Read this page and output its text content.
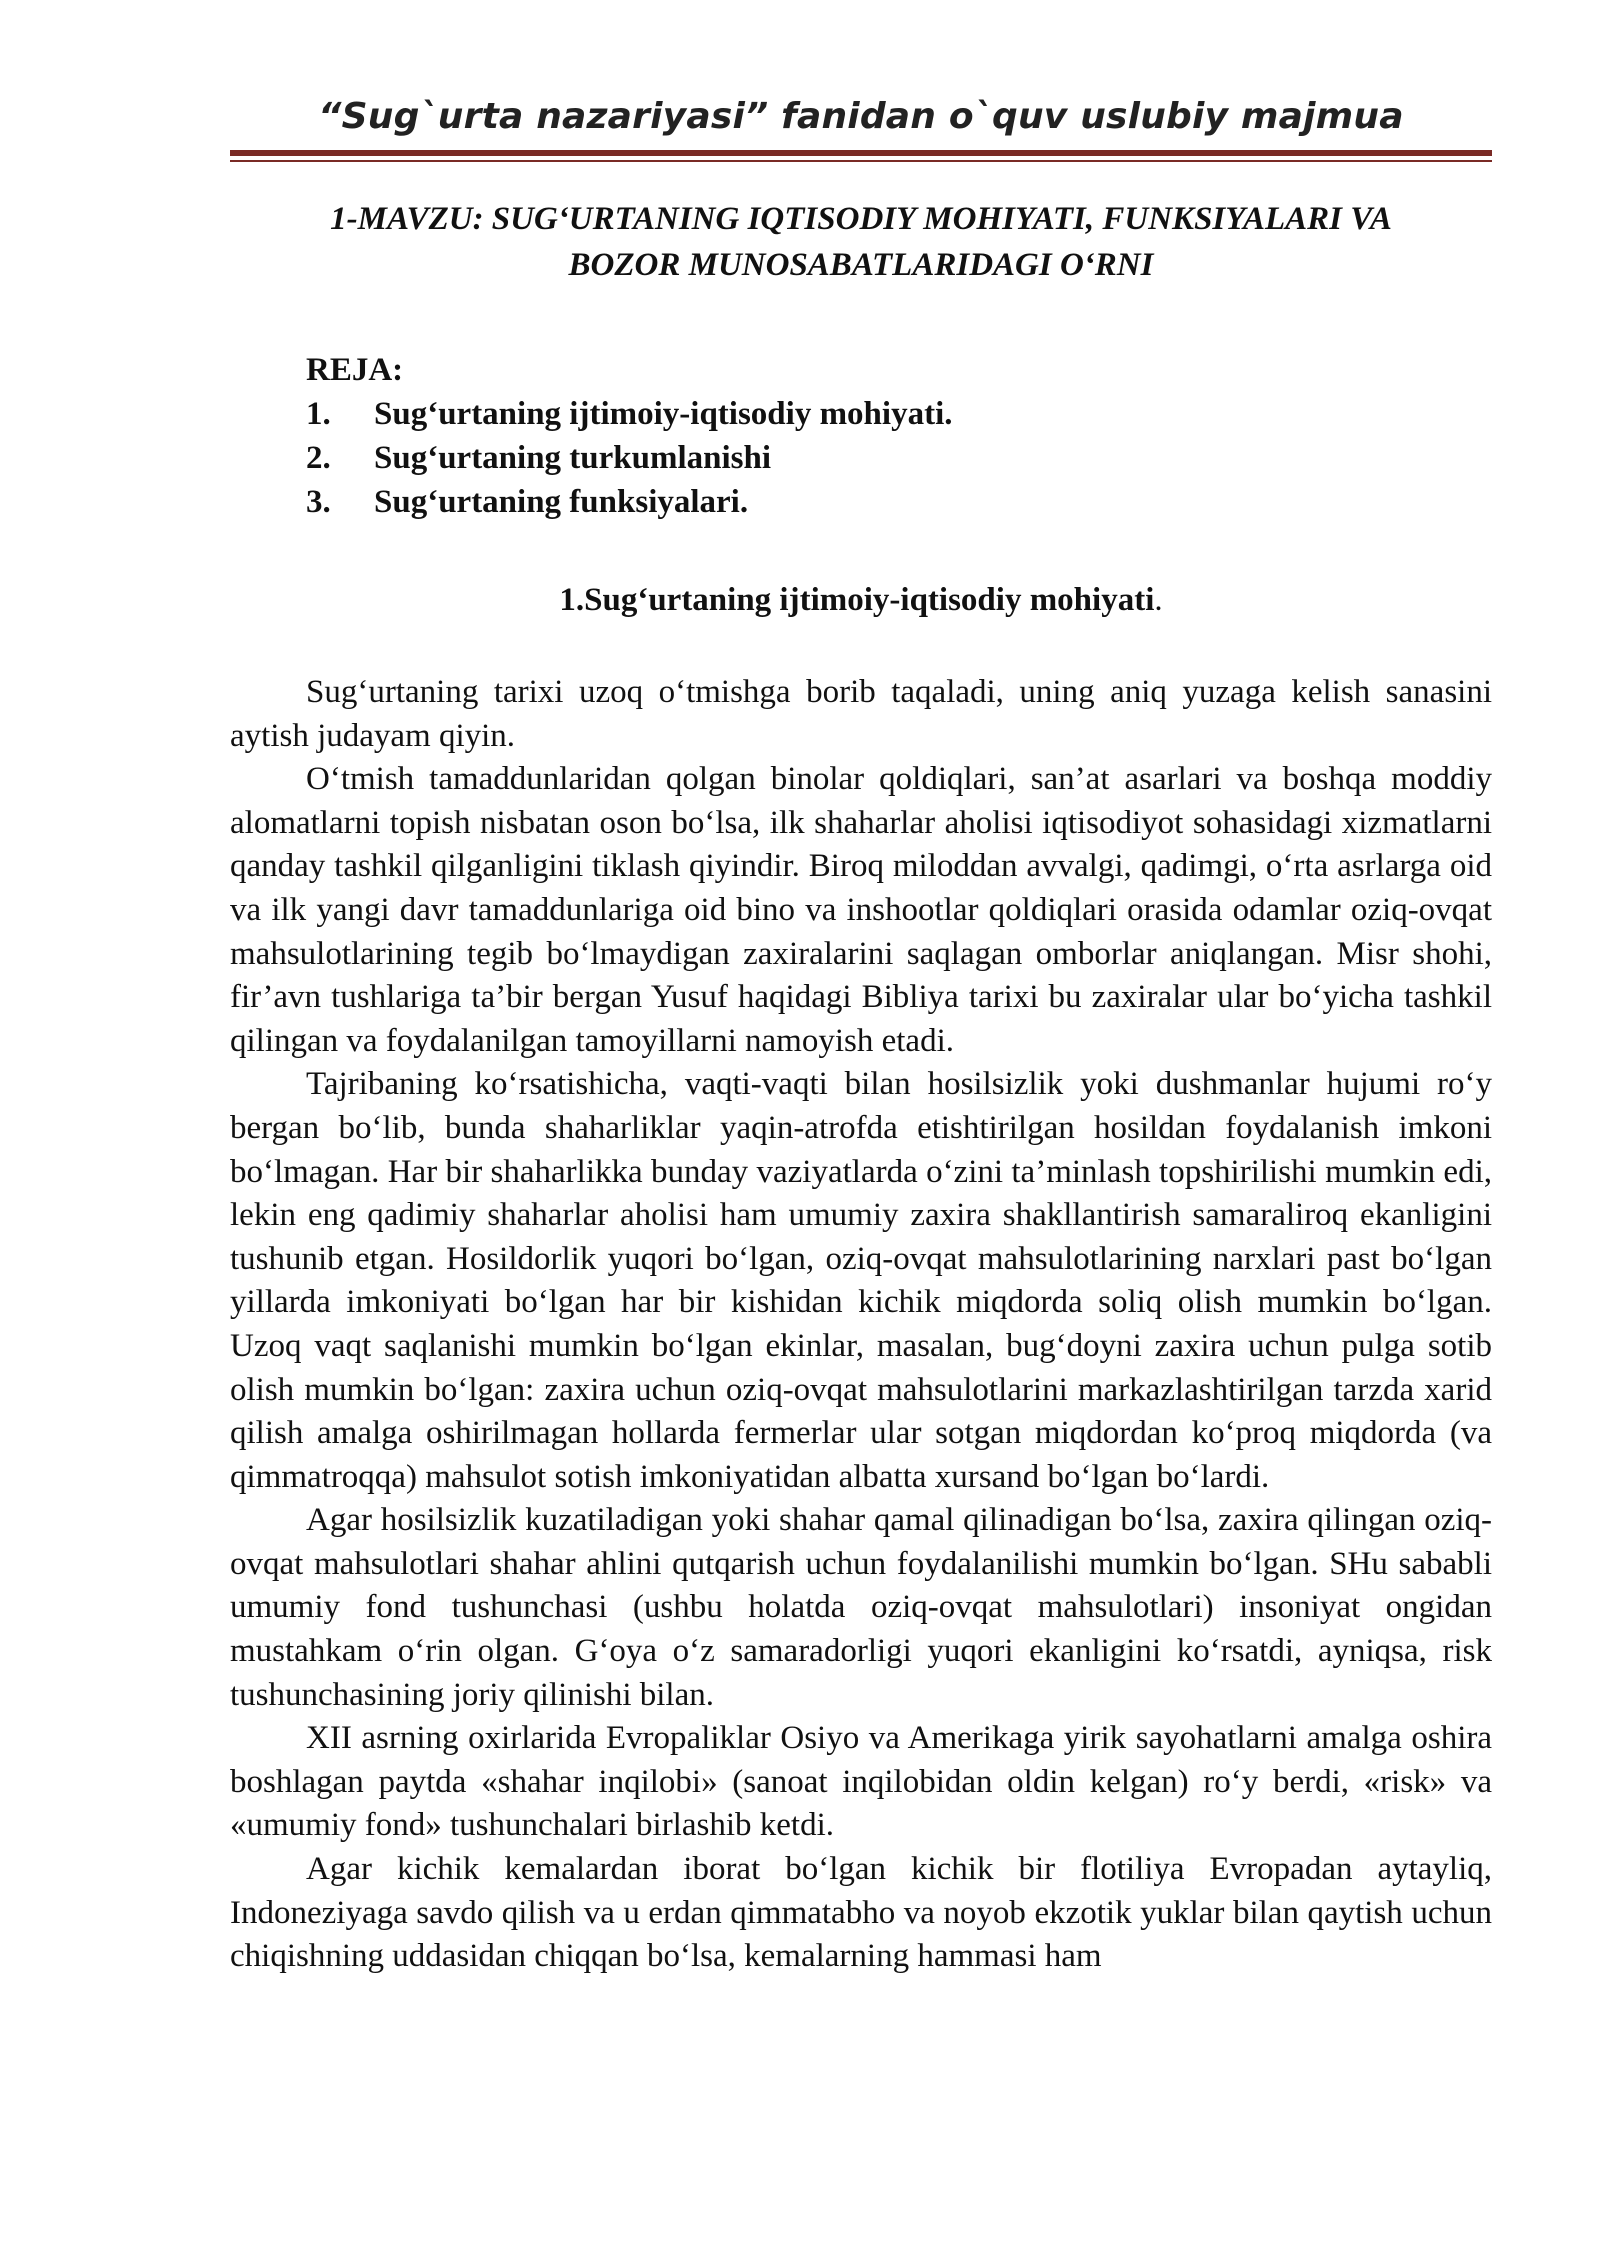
“Sug`urta nazariyasi” fanidan o`quv uslubiy majmua
1-MAVZU: SUG‘URTANING IQTISODIY MOHIYATI, FUNKSIYALARI VA
BOZOR MUNOSABATLARIDAGI O‘RNI
REJA:
1.	Sug‘urtaning ijtimoiy-iqtisodiy mohiyati.
2.	Sug‘urtaning turkumlanishi
3.	Sug‘urtaning funksiyalari.
1.Sug‘urtaning ijtimoiy-iqtisodiy mohiyati.

Sug‘urtaning tarixi uzoq o‘tmishga borib taqaladi, uning aniq yuzaga kelish sanasini aytish judayam qiyin.

O‘tmish tamaddunlaridan qolgan binolar qoldiqlari, san’at asarlari va boshqa moddiy alomatlarni topish nisbatan oson bo‘lsa, ilk shaharlar aholisi iqtisodiyot sohasidagi xizmatlarni qanday tashkil qilganligini tiklash qiyindir. Biroq miloddan avvalgi, qadimgi, o‘rta asrlarga oid va ilk yangi davr tamaddunlariga oid bino va inshootlar qoldiqlari orasida odamlar oziq-ovqat mahsulotlarining tegib bo‘lmaydigan zaxiralarini saqlagan omborlar aniqlangan. Misr shohi, fir’avn tushlariga ta’bir bergan Yusuf haqidagi Bibliya tarixi bu zaxiralar ular bo‘yicha tashkil qilingan va foydalanilgan tamoyillarni namoyish etadi.

Tajribaning ko‘rsatishicha, vaqti-vaqti bilan hosilsizlik yoki dushmanlar hujumi ro‘y bergan bo‘lib, bunda shaharliklar yaqin-atrofda etishtirilgan hosildan foydalanish imkoni bo‘lmagan. Har bir shaharlikka bunday vaziyatlarda o‘zini ta’minlash topshirilishi mumkin edi, lekin eng qadimiy shaharlar aholisi ham umumiy zaxira shakllantirish samaraliroq ekanligini tushunib etgan. Hosildorlik yuqori bo‘lgan, oziq-ovqat mahsulotlarining narxlari past bo‘lgan yillarda imkoniyati bo‘lgan har bir kishidan kichik miqdorda soliq olish mumkin bo‘lgan. Uzoq vaqt saqlanishi mumkin bo‘lgan ekinlar, masalan, bug‘doyni zaxira uchun pulga sotib olish mumkin bo‘lgan: zaxira uchun oziq-ovqat mahsulotlarini markazlashtirilgan tarzda xarid qilish amalga oshirilmagan hollarda fermerlar ular sotgan miqdordan ko‘proq miqdorda (va qimmatroqqa) mahsulot sotish imkoniyatidan albatta xursand bo‘lgan bo‘lardi.

Agar hosilsizlik kuzatiladigan yoki shahar qamal qilinadigan bo‘lsa, zaxira qilingan oziq-ovqat mahsulotlari shahar ahlini qutqarish uchun foydalanilishi mumkin bo‘lgan. SHu sababli umumiy fond tushunchasi (ushbu holatda oziq-ovqat mahsulotlari) insoniyat ongidan mustahkam o‘rin olgan. G‘oya o‘z samaradorligi yuqori ekanligini ko‘rsatdi, ayniqsa, risk tushunchasining joriy qilinishi bilan.

XII asrning oxirlarida Evropaliklar Osiyo va Amerikaga yirik sayohatlarni amalga oshira boshlagan paytda «shahar inqilobi» (sanoat inqilobidan oldin kelgan) ro‘y berdi, «risk» va «umumiy fond» tushunchalari birlashib ketdi.

Agar kichik kemalardan iborat bo‘lgan kichik bir flotiliya Evropadan aytayliq, Indoneziyaga savdo qilish va u erdan qimmatabho va noyob ekzotik yuklar bilan qaytish uchun chiqishning uddasidan chiqqan bo‘lsa, kemalarning hammasi ham
